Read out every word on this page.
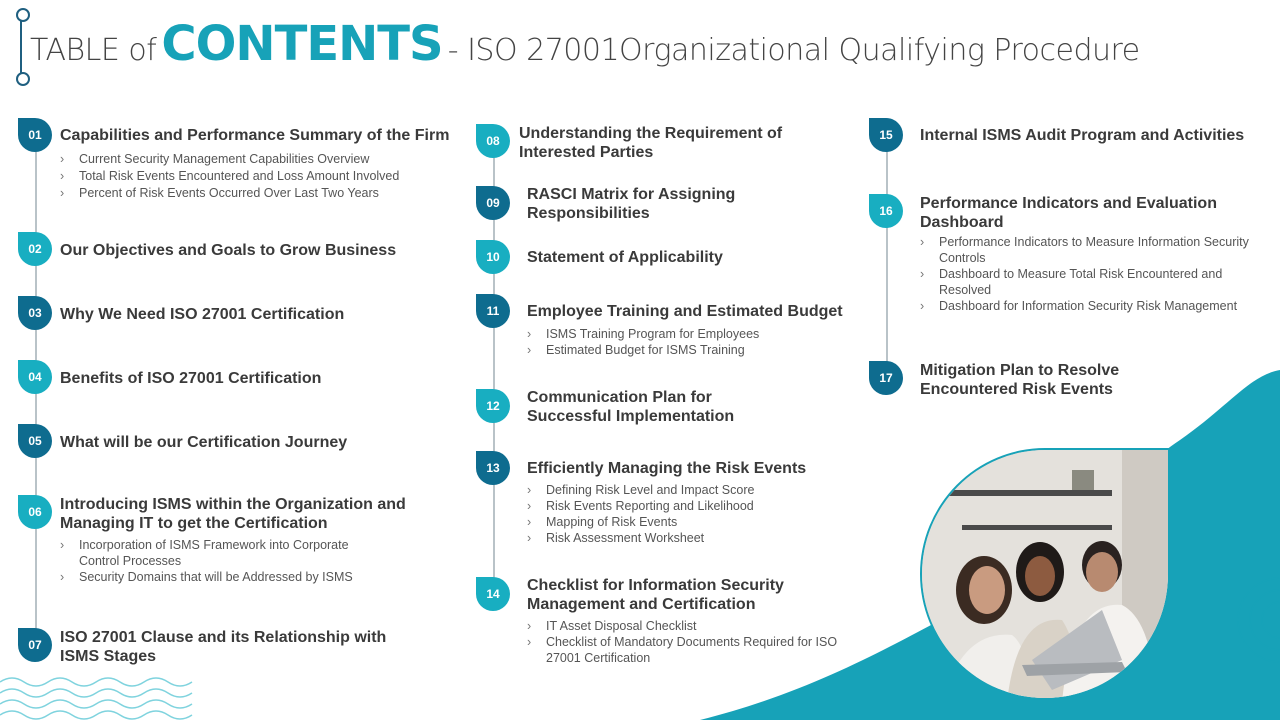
TABLE of CONTENTS - ISO 27001Organizational Qualifying Procedure
01	Capabilities and Performance Summary of the Firm
› Current Security Management Capabilities Overview
› Total Risk Events Encountered and Loss Amount Involved
› Percent of Risk Events Occurred Over Last Two Years
02	Our Objectives and Goals to Grow Business
03	Why We Need ISO 27001 Certification
04	Benefits of ISO 27001 Certification
05	What will be our Certification Journey
06	Introducing ISMS within the Organization and Managing IT to get the Certification
› Incorporation of ISMS Framework into Corporate Control Processes
› Security Domains that will be Addressed by ISMS
07	ISO 27001 Clause and its Relationship with ISMS Stages
08	Understanding the Requirement of Interested Parties
09	RASCI Matrix for Assigning Responsibilities
10	Statement of Applicability
11	Employee Training and Estimated Budget
› ISMS Training Program for Employees
› Estimated Budget for ISMS Training
12	Communication Plan for Successful Implementation
13	Efficiently Managing the Risk Events
› Defining Risk Level and Impact Score
› Risk Events Reporting and Likelihood
› Mapping of Risk Events
› Risk Assessment Worksheet
14	Checklist for Information Security Management and Certification
› IT Asset Disposal Checklist
› Checklist of Mandatory Documents Required for ISO 27001 Certification
15	Internal ISMS Audit Program and Activities
16	Performance Indicators and Evaluation Dashboard
› Performance Indicators to Measure Information Security Controls
› Dashboard to Measure Total Risk Encountered and Resolved
› Dashboard for Information Security Risk Management
17	Mitigation Plan to Resolve Encountered Risk Events
